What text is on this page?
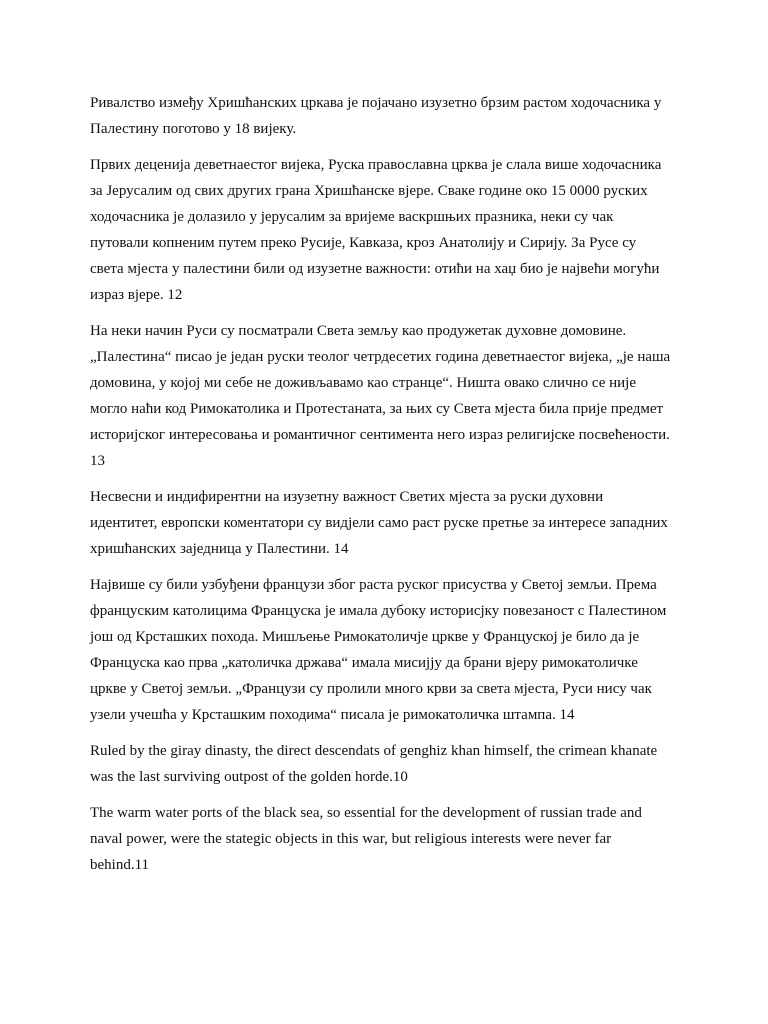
Ривалство између Хришћанских цркава је појачано изузетно брзим растом ходочасника у
Палестину поготово у 18 вијеку.

Првих деценија деветнаестог вијека, Руска православна црква је слала више ходочасника
за Јерусалим од свих других грана Хришћанске вјере. Сваке године око 15 0000 руских
ходочасника је долазило у јерусалим за вријеме васкршњих празника, неки су чак
путовали копненим путем преко Русије, Кавказа, кроз Анатолију и Сирију. За Русе су
света мјеста у палестини били од изузетне важности: отићи на хаџ био је највећи могући
израз вјере. 12

На неки начин Руси су посматрали Света земљу као продужетак духовне домовине.
„Палестина“ писао је један руски теолог четрдесетих година деветнаестог вијека, „је наша
домовина, у којој ми себе не доживљавамо као странце“. Ништа овако слично се није
могло наћи код Римокатолика и Протестаната, за њих су Света мјеста била прије предмет
историјског интересовања и романтичног сентимента него израз религијске посвећености.
13

Несвесни и индифирентни на изузетну важност Светих мјеста за руски духовни
идентитет, европски коментатори су видјели само раст руске претње за интересе западних
хришћанских заједница у Палестини. 14

Највише су били узбуђени французи због раста руског присуства у Светој земљи. Према
француским католицима Француска је имала дубоку историсјку повезаност с Палестином
још од Крсташких похода. Мишљење Римокатоличје цркве у Француској је било да је
Француска као прва „католичка држава“ имала мисијју да брани вјеру римокатоличке
цркве у Светој земљи. „Французи су пролили много крви за света мјеста, Руси нису чак
узели учешћа у Крсташким походима“ писала је римокатоличка штампа. 14

Ruled by the giray dinasty, the direct descendats of genghiz khan himself, the crimean khanate
was the last surviving outpost of the golden horde.10

The warm water ports of the black sea, so essential for the development of russian trade and
naval power, were the stategic objects in this war, but religious interests were never far
behind.11
